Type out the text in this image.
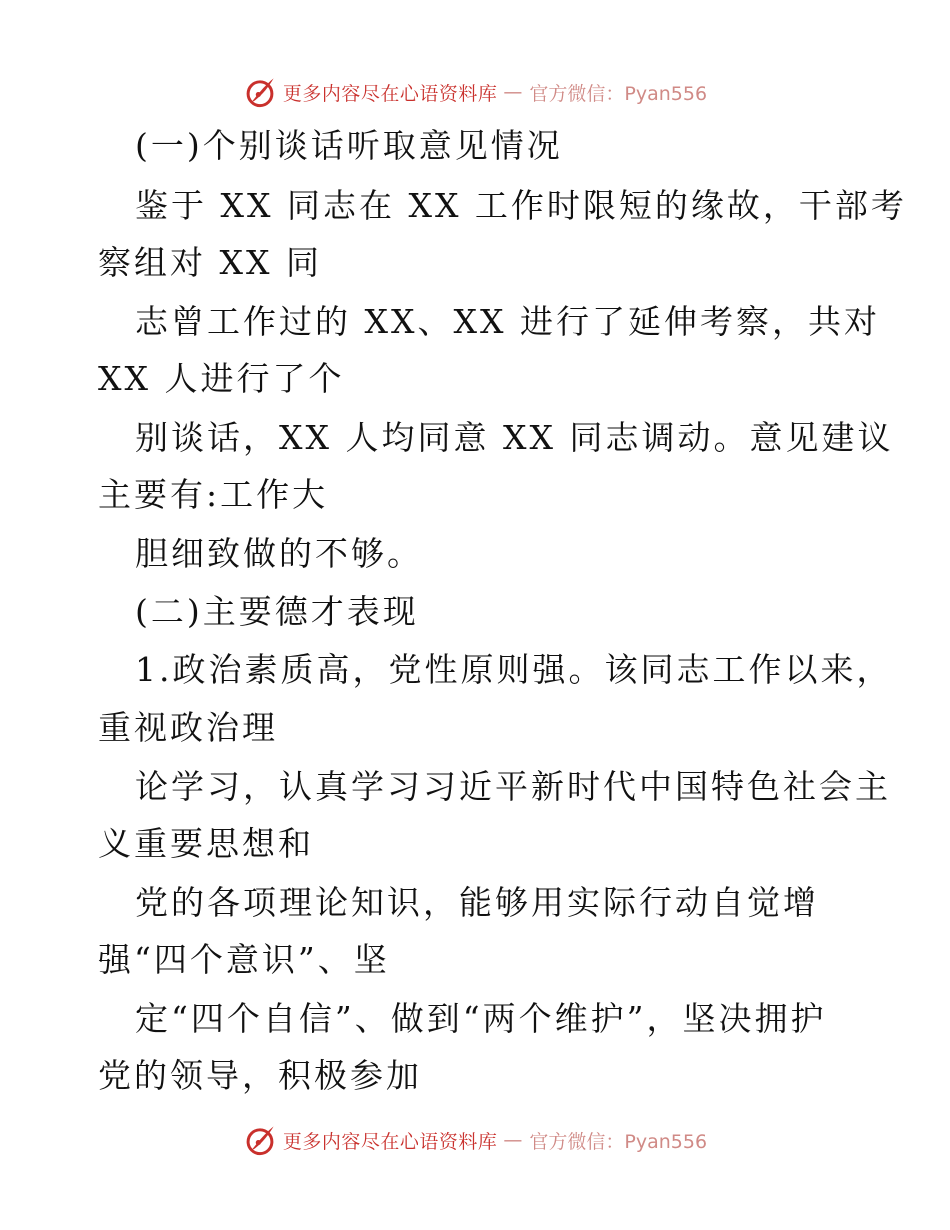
更多内容尽在心语资料库 — 官方微信：Pyan556
(一)个别谈话听取意见情况
鉴于 XX 同志在 XX 工作时限短的缘故，干部考
察组对 XX 同
志曾工作过的 XX、XX 进行了延伸考察，共对
XX 人进行了个
别谈话，XX 人均同意 XX 同志调动。意见建议
主要有:工作大
胆细致做的不够。
(二)主要德才表现
1.政治素质高，党性原则强。该同志工作以来，
重视政治理
论学习，认真学习习近平新时代中国特色社会主
义重要思想和
党的各项理论知识，能够用实际行动自觉增
强“四个意识”、坚
定“四个自信”、做到“两个维护”，坚决拥护
党的领导，积极参加
更多内容尽在心语资料库 — 官方微信：Pyan556
